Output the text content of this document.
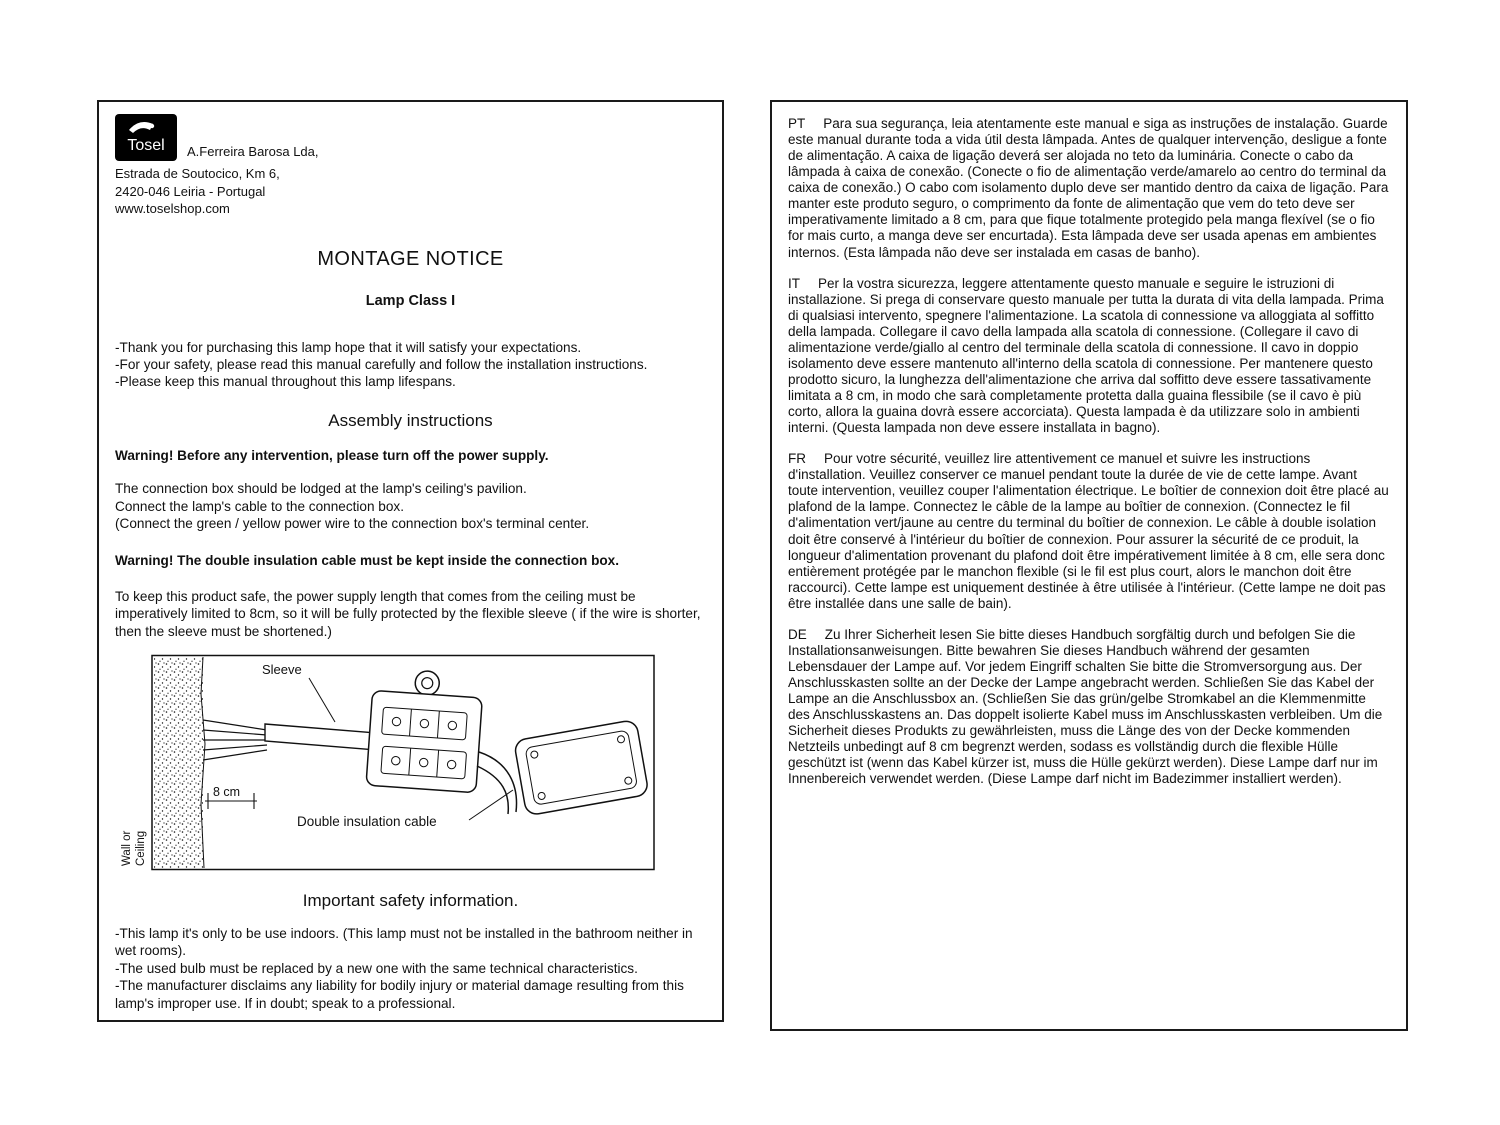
Tosel A.Ferreira Barosa Lda,
Estrada de Soutocico, Km 6,
2420-046 Leiria - Portugal
www.toselshop.com
MONTAGE NOTICE
Lamp Class I
-Thank you for purchasing this lamp hope that it will satisfy your expectations.
-For your safety, please read this manual carefully and follow the installation instructions.
-Please keep this manual throughout this lamp lifespans.
Assembly instructions
Warning! Before any intervention, please turn off the power supply.
The connection box should be lodged at the lamp's ceiling's pavilion.
Connect the lamp's cable to the connection box.
(Connect the green / yellow power wire to the connection box's terminal center.
Warning! The double insulation cable must be kept inside the connection box.
To keep this product safe, the power supply length that comes from the ceiling must be imperatively limited to 8cm, so it will be fully protected by the flexible sleeve ( if the wire is shorter, then the sleeve must be shortened.)
Sleeve
8 cm
Double insulation cable
Wall or Ceiling
Important safety information.
-This lamp it's only to be use indoors. (This lamp must not be installed in the bathroom neither in wet rooms).
-The used bulb must be replaced by a new one with the same technical characteristics.
-The manufacturer disclaims any liability for bodily injury or material damage resulting from this lamp's improper use. If in doubt; speak to a professional.

PT Para sua segurança, leia atentamente este manual e siga as instruções de instalação. Guarde este manual durante toda a vida útil desta lâmpada. Antes de qualquer intervenção, desligue a fonte de alimentação. A caixa de ligação deverá ser alojada no teto da luminária. Conecte o cabo da lâmpada à caixa de conexão. (Conecte o fio de alimentação verde/amarelo ao centro do terminal da caixa de conexão.) O cabo com isolamento duplo deve ser mantido dentro da caixa de ligação. Para manter este produto seguro, o comprimento da fonte de alimentação que vem do teto deve ser imperativamente limitado a 8 cm, para que fique totalmente protegido pela manga flexível (se o fio for mais curto, a manga deve ser encurtada). Esta lâmpada deve ser usada apenas em ambientes internos. (Esta lâmpada não deve ser instalada em casas de banho).

IT Per la vostra sicurezza, leggere attentamente questo manuale e seguire le istruzioni di installazione. Si prega di conservare questo manuale per tutta la durata di vita della lampada. Prima di qualsiasi intervento, spegnere l'alimentazione. La scatola di connessione va alloggiata al soffitto della lampada. Collegare il cavo della lampada alla scatola di connessione. (Collegare il cavo di alimentazione verde/giallo al centro del terminale della scatola di connessione. Il cavo in doppio isolamento deve essere mantenuto all'interno della scatola di connessione. Per mantenere questo prodotto sicuro, la lunghezza dell'alimentazione che arriva dal soffitto deve essere tassativamente limitata a 8 cm, in modo che sarà completamente protetta dalla guaina flessibile (se il cavo è più corto, allora la guaina dovrà essere accorciata). Questa lampada è da utilizzare solo in ambienti interni. (Questa lampada non deve essere installata in bagno).

FR Pour votre sécurité, veuillez lire attentivement ce manuel et suivre les instructions d'installation. Veuillez conserver ce manuel pendant toute la durée de vie de cette lampe. Avant toute intervention, veuillez couper l'alimentation électrique. Le boîtier de connexion doit être placé au plafond de la lampe. Connectez le câble de la lampe au boîtier de connexion. (Connectez le fil d'alimentation vert/jaune au centre du terminal du boîtier de connexion. Le câble à double isolation doit être conservé à l'intérieur du boîtier de connexion. Pour assurer la sécurité de ce produit, la longueur d'alimentation provenant du plafond doit être impérativement limitée à 8 cm, elle sera donc entièrement protégée par le manchon flexible (si le fil est plus court, alors le manchon doit être raccourci). Cette lampe est uniquement destinée à être utilisée à l'intérieur. (Cette lampe ne doit pas être installée dans une salle de bain).

DE Zu Ihrer Sicherheit lesen Sie bitte dieses Handbuch sorgfältig durch und befolgen Sie die Installationsanweisungen. Bitte bewahren Sie dieses Handbuch während der gesamten Lebensdauer der Lampe auf. Vor jedem Eingriff schalten Sie bitte die Stromversorgung aus. Der Anschlusskasten sollte an der Decke der Lampe angebracht werden. Schließen Sie das Kabel der Lampe an die Anschlussbox an. (Schließen Sie das grün/gelbe Stromkabel an die Klemmenmitte des Anschlusskastens an. Das doppelt isolierte Kabel muss im Anschlusskasten verbleiben. Um die Sicherheit dieses Produkts zu gewährleisten, muss die Länge des von der Decke kommenden Netzteils unbedingt auf 8 cm begrenzt werden, sodass es vollständig durch die flexible Hülle geschützt ist (wenn das Kabel kürzer ist, muss die Hülle gekürzt werden). Diese Lampe darf nur im Innenbereich verwendet werden. (Diese Lampe darf nicht im Badezimmer installiert werden).
